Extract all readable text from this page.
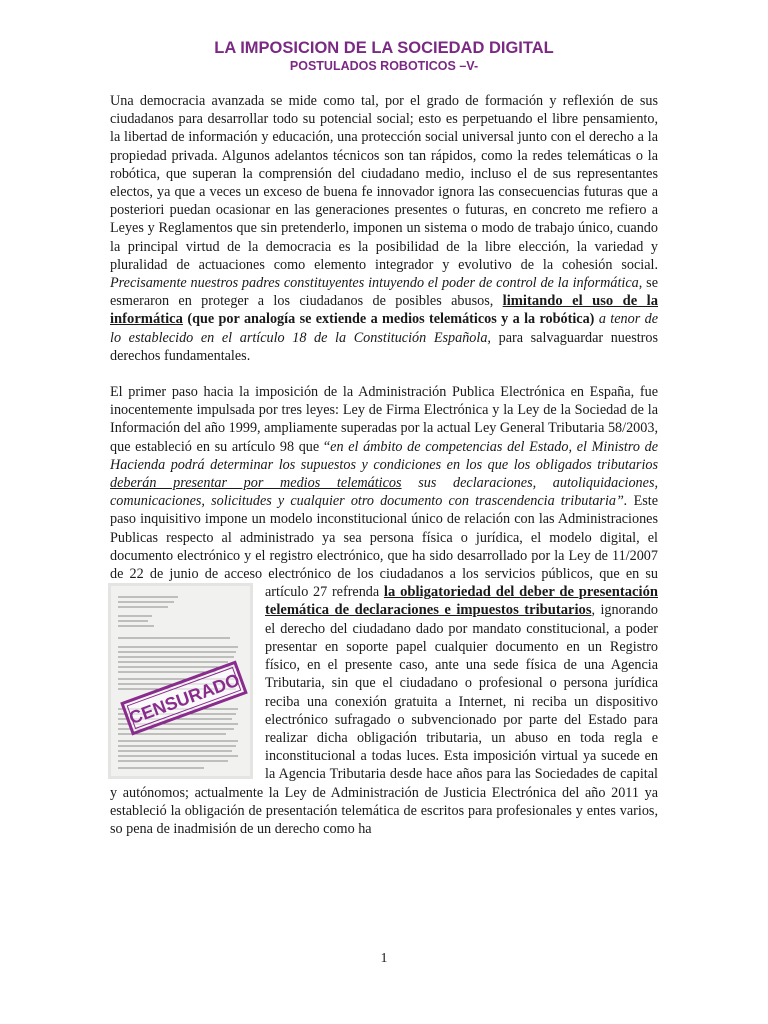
LA IMPOSICION DE LA SOCIEDAD DIGITAL
POSTULADOS ROBOTICOS –V-

Una democracia avanzada se mide como tal, por el grado de formación y reflexión de sus ciudadanos para desarrollar todo su potencial social; esto es perpetuando el libre pensamiento, la libertad de información y educación, una protección social universal junto con el derecho a la propiedad privada. Algunos adelantos técnicos son tan rápidos, como la redes telemáticas o la robótica, que superan la comprensión del ciudadano medio, incluso el de sus representantes electos, ya que a veces un exceso de buena fe innovador ignora las consecuencias futuras que a posteriori puedan ocasionar en las generaciones presentes o futuras, en concreto me refiero a Leyes y Reglamentos que sin pretenderlo, imponen un sistema o modo de trabajo único, cuando la principal virtud de la democracia es la posibilidad de la libre elección, la variedad y pluralidad de actuaciones como elemento integrador y evolutivo de la cohesión social. Precisamente nuestros padres constituyentes intuyendo el poder de control de la informática, se esmeraron en proteger a los ciudadanos de posibles abusos, limitando el uso de la informática (que por analogía se extiende a medios telemáticos y a la robótica) a tenor de lo establecido en el artículo 18 de la Constitución Española, para salvaguardar nuestros derechos fundamentales.

El primer paso hacia la imposición de la Administración Publica Electrónica en España, fue inocentemente impulsada por tres leyes: Ley de Firma Electrónica y la Ley de la Sociedad de la Información del año 1999, ampliamente superadas por la actual Ley General Tributaria 58/2003, que estableció en su artículo 98 que “en el ámbito de competencias del Estado, el Ministro de Hacienda podrá determinar los supuestos y condiciones en los que los obligados tributarios deberán presentar por medios telemáticos sus declaraciones, autoliquidaciones, comunicaciones, solicitudes y cualquier otro documento con trascendencia tributaria”. Este paso inquisitivo impone un modelo inconstitucional único de relación con las Administraciones Publicas respecto al administrado ya sea persona física o jurídica, el modelo digital, el documento electrónico y el registro electrónico, que ha sido desarrollado por la Ley de 11/2007 de 22 de junio de acceso electrónico de los ciudadanos a los servicios públicos, que en su artículo 27 refrenda
CENSURADO
la obligatoriedad del deber de presentación telemática de declaraciones e impuestos tributarios, ignorando el derecho del ciudadano dado por mandato constitucional, a poder presentar en soporte papel cualquier documento en un Registro físico, en el presente caso, ante una sede física de una Agencia Tributaria, sin que el ciudadano o profesional o persona jurídica reciba una conexión gratuita a Internet, ni reciba un dispositivo electrónico sufragado o subvencionado por parte del Estado para realizar dicha obligación tributaria, un abuso en toda regla e inconstitucional a todas luces. Esta imposición virtual ya sucede en la Agencia Tributaria desde hace años para las Sociedades de capital y autónomos; actualmente la Ley de Administración de Justicia Electrónica del año 2011 ya estableció la obligación de presentación telemática de escritos para profesionales y entes varios, so pena de inadmisión de un derecho como ha

1
